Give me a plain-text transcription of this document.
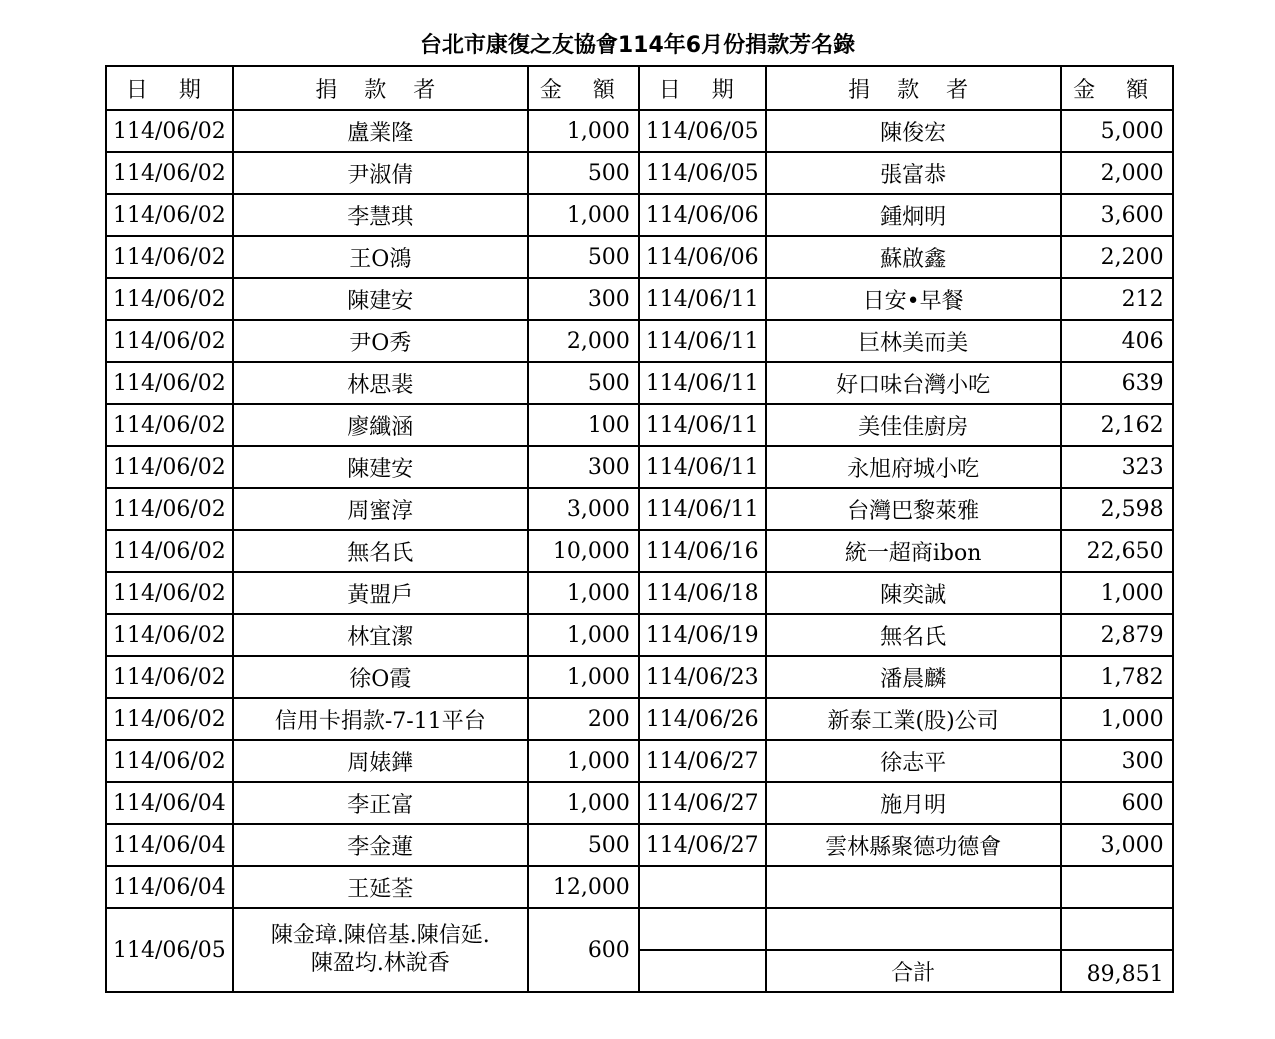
台北市康復之友協會114年6月份捐款芳名錄
日 期	捐 款 者	金 額	日 期	捐 款 者	金 額
114/06/02	盧業隆	1,000	114/06/05	陳俊宏	5,000
114/06/02	尹淑倩	500	114/06/05	張富恭	2,000
114/06/02	李慧琪	1,000	114/06/06	鍾炯明	3,600
114/06/02	王O鴻	500	114/06/06	蘇啟鑫	2,200
114/06/02	陳建安	300	114/06/11	日安•早餐	212
114/06/02	尹O秀	2,000	114/06/11	巨林美而美	406
114/06/02	林思裴	500	114/06/11	好口味台灣小吃	639
114/06/02	廖纖涵	100	114/06/11	美佳佳廚房	2,162
114/06/02	陳建安	300	114/06/11	永旭府城小吃	323
114/06/02	周蜜淳	3,000	114/06/11	台灣巴黎萊雅	2,598
114/06/02	無名氏	10,000	114/06/16	統一超商ibon	22,650
114/06/02	黃盟戶	1,000	114/06/18	陳奕誠	1,000
114/06/02	林宜潔	1,000	114/06/19	無名氏	2,879
114/06/02	徐O霞	1,000	114/06/23	潘晨麟	1,782
114/06/02	信用卡捐款-7-11平台	200	114/06/26	新泰工業(股)公司	1,000
114/06/02	周婊鏵	1,000	114/06/27	徐志平	300
114/06/04	李正富	1,000	114/06/27	施月明	600
114/06/04	李金蓮	500	114/06/27	雲林縣聚德功德會	3,000
114/06/04	王延荃	12,000			
114/06/05	陳金璋.陳倍基.陳信延.
陳盈均.林說香	600			
				合計	89,851
